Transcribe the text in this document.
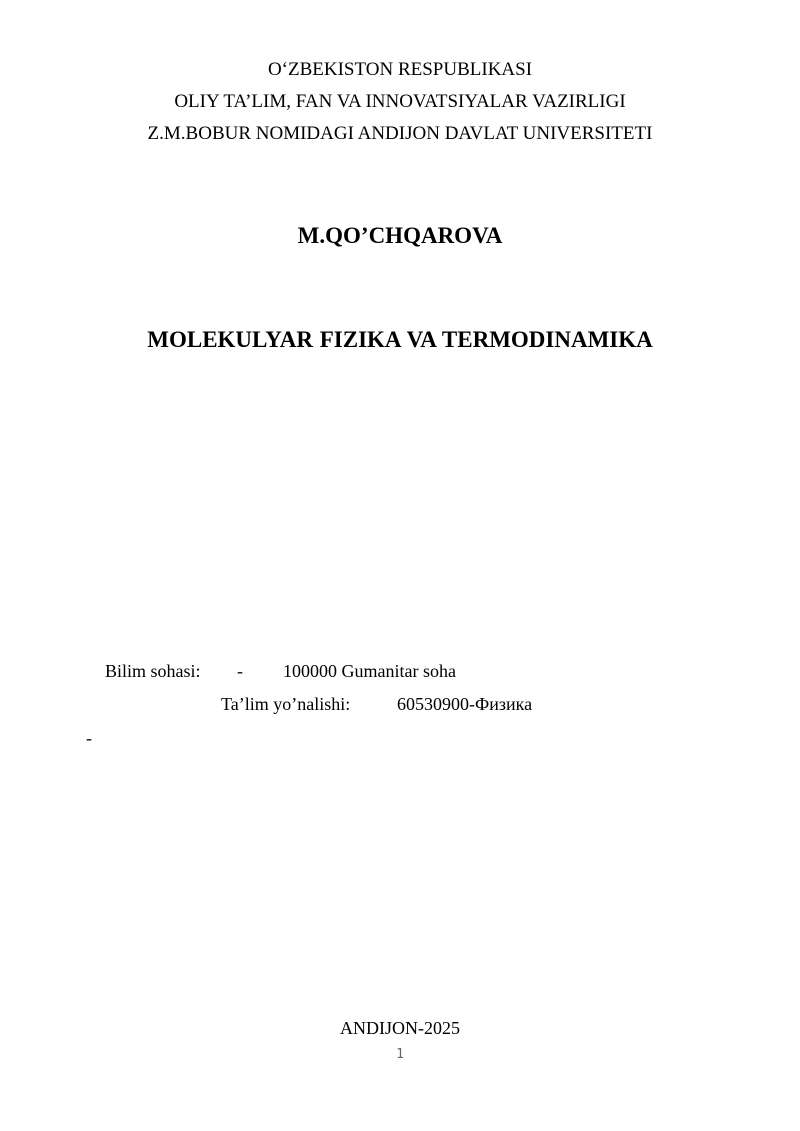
O‘ZBEKISTON RESPUBLIKASI
OLIY TA’LIM, FAN VA INNOVATSIYALAR VAZIRLIGI
Z.M.BOBUR NOMIDAGI ANDIJON DAVLAT UNIVERSITETI
M.QO’CHQAROVA
MOLEKULYAR FIZIKA VA TERMODINAMIKA
Bilim sohasi: - 100000 Gumanitar soha
Ta’lim yo’nalishi:	60530900-Физика
-
ANDIJON-2025
1
